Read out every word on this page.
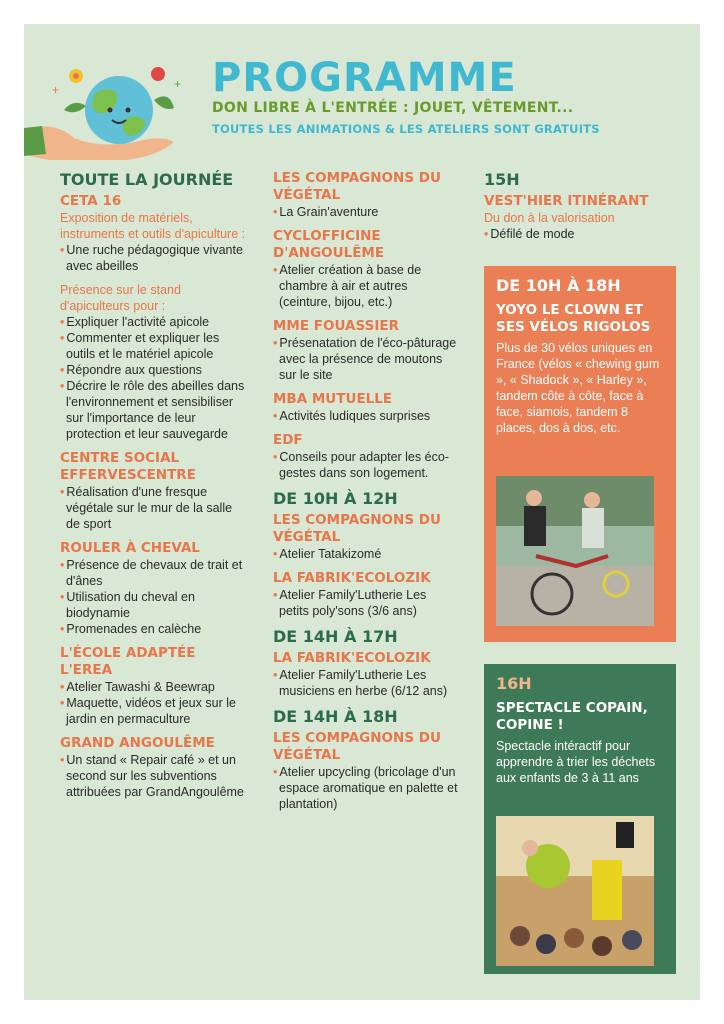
+
+	PROGRAMME
DON LIBRE À L'ENTRÉE : JOUET, VÊTEMENT...
TOUTES LES ANIMATIONS & LES ATELIERS SONT GRATUITS
TOUTE LA JOURNÉE
CETA 16
Exposition de matériels, instruments et outils d'apiculture :
• Une ruche pédagogique vivante avec abeilles
Présence sur le stand d'apiculteurs pour :
• Expliquer l'activité apicole
• Commenter et expliquer les outils et le matériel apicole
• Répondre aux questions
• Décrire le rôle des abeilles dans l'environnement et sensibiliser sur l'importance de leur protection et leur sauvegarde
CENTRE SOCIAL EFFERVESCENTRE
• Réalisation d'une fresque végétale sur le mur de la salle de sport
ROULER À CHEVAL
• Présence de chevaux de trait et d'ânes
• Utilisation du cheval en biodynamie
• Promenades en calèche
L'ÉCOLE ADAPTÉE L'EREA
• Atelier Tawashi & Beewrap
• Maquette, vidéos et jeux sur le jardin en permaculture
GRAND ANGOULÊME
• Un stand « Repair café » et un second sur les subventions attribuées par GrandAngoulême
LES COMPAGNONS DU VÉGÉTAL
• La Grain'aventure
CYCLOFFICINE D'ANGOULÊME
• Atelier création à base de chambre à air et autres (ceinture, bijou, etc.)
MME FOUASSIER
• Présenatation de l'éco-pâturage avec la présence de moutons sur le site
MBA MUTUELLE
• Activités ludiques surprises
EDF
• Conseils pour adapter les éco-gestes dans son logement.
DE 10H À 12H
LES COMPAGNONS DU VÉGÉTAL
• Atelier Tatakizomé
LA FABRIK'ECOLOZIK
• Atelier Family'Lutherie Les petits poly'sons (3/6 ans)
DE 14H À 17H
LA FABRIK'ECOLOZIK
• Atelier Family'Lutherie Les musiciens en herbe (6/12 ans)
DE 14H À 18H
LES COMPAGNONS DU VÉGÉTAL
• Atelier upcycling (bricolage d'un espace aromatique en palette et plantation)
15H
VEST'HIER ITINÉRANT
Du don à la valorisation
• Défilé de mode
DE 10H À 18H
YOYO LE CLOWN ET SES VÉLOS RIGOLOS
Plus de 30 vélos uniques en France (vélos « chewing gum », « Shadock », « Harley », tandem côte à côte, face à face, siamois, tandem 8 places, dos à dos, etc.
16H
SPECTACLE COPAIN, COPINE !
Spectacle intéractif pour apprendre à trier les déchets aux enfants de 3 à 11 ans
